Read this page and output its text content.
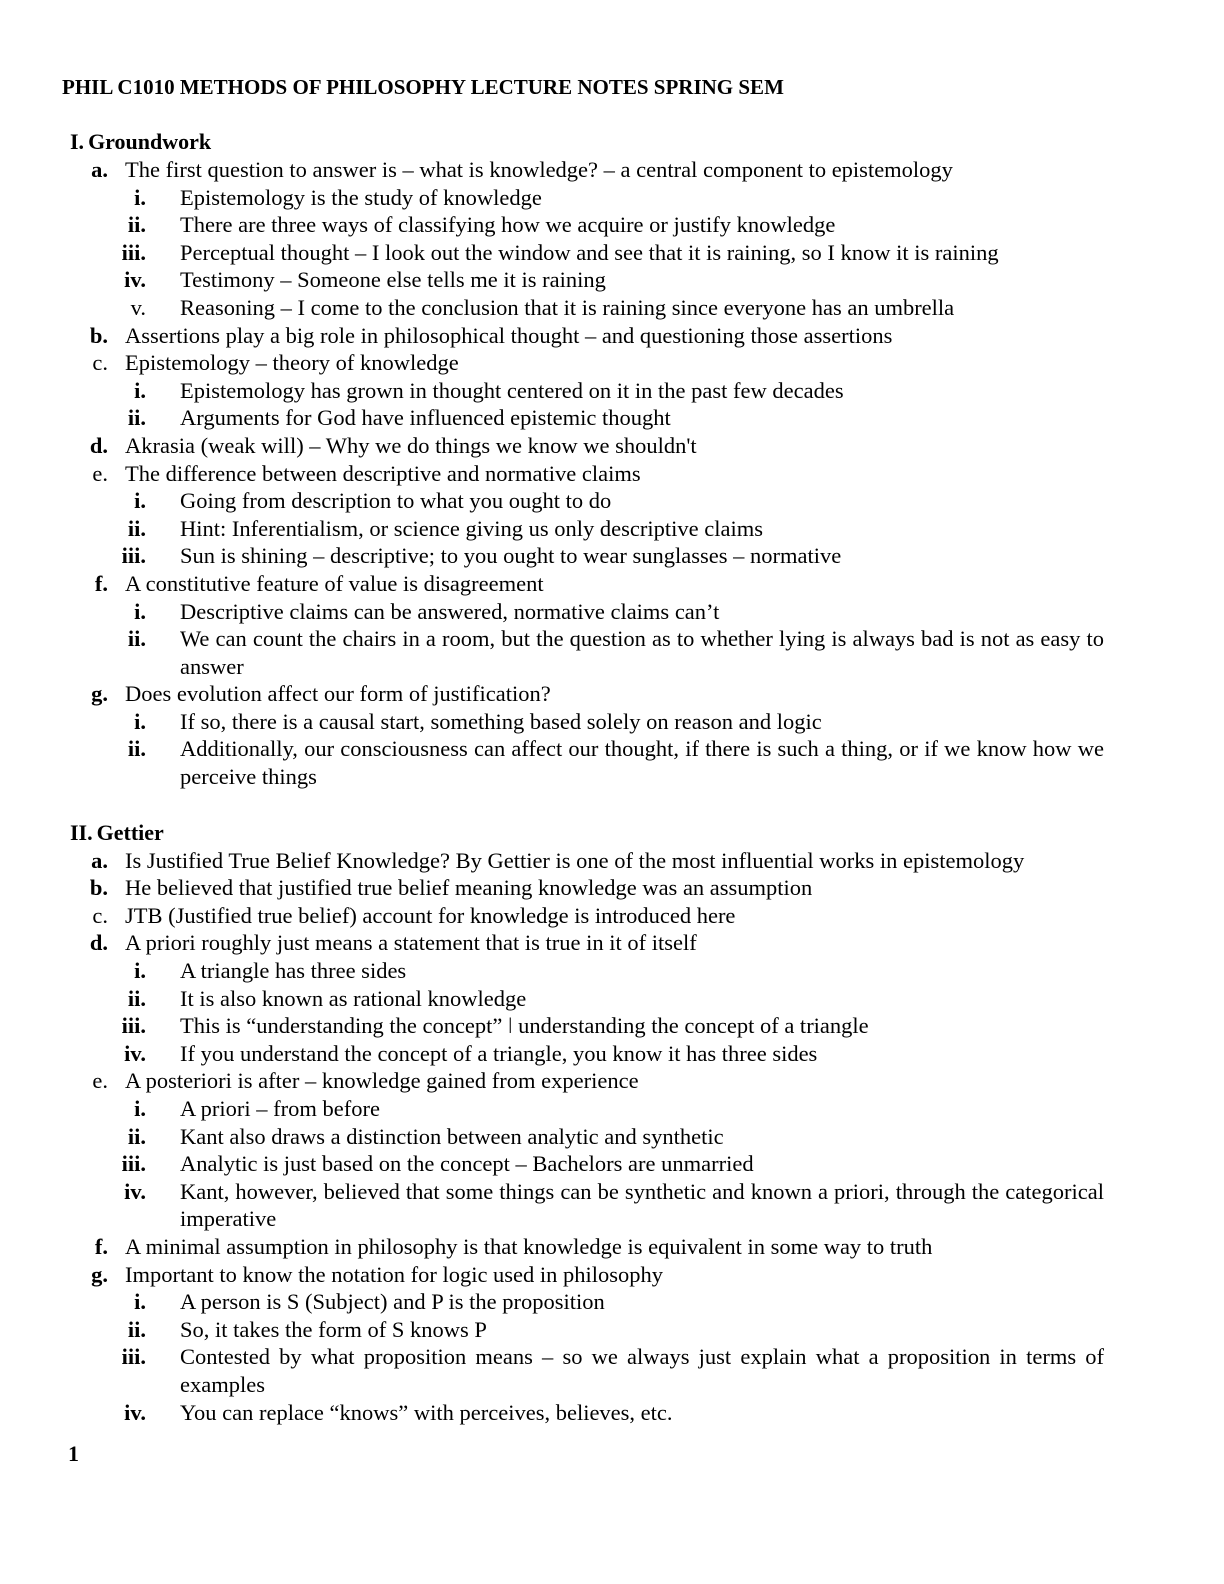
PHIL C1010 METHODS OF PHILOSOPHY LECTURE NOTES SPRING SEM
I. Groundwork
a. The first question to answer is – what is knowledge? – a central component to epistemology
i.	Epistemology is the study of knowledge
ii.	There are three ways of classifying how we acquire or justify knowledge
iii.	Perceptual thought – I look out the window and see that it is raining, so I know it is raining
iv.	Testimony – Someone else tells me it is raining
v.	Reasoning – I come to the conclusion that it is raining since everyone has an umbrella
b. Assertions play a big role in philosophical thought – and questioning those assertions
c. Epistemology – theory of knowledge
i.	Epistemology has grown in thought centered on it in the past few decades
ii.	Arguments for God have influenced epistemic thought
d. Akrasia (weak will) – Why we do things we know we shouldn't
e. The difference between descriptive and normative claims
i.	Going from description to what you ought to do
ii.	Hint: Inferentialism, or science giving us only descriptive claims
iii.	Sun is shining – descriptive; to you ought to wear sunglasses – normative
f. A constitutive feature of value is disagreement
i.	Descriptive claims can be answered, normative claims can’t
ii.	We can count the chairs in a room, but the question as to whether lying is always bad is not as easy to answer
g. Does evolution affect our form of justification?
i.	If so, there is a causal start, something based solely on reason and logic
ii.	Additionally, our consciousness can affect our thought, if there is such a thing, or if we know how we perceive things
II. Gettier
a. Is Justified True Belief Knowledge? By Gettier is one of the most influential works in epistemology
b. He believed that justified true belief meaning knowledge was an assumption
c. JTB (Justified true belief) account for knowledge is introduced here
d. A priori roughly just means a statement that is true in it of itself
i.	A triangle has three sides
ii.	It is also known as rational knowledge
iii.	This is “understanding the concept” ǀ understanding the concept of a triangle
iv.	If you understand the concept of a triangle, you know it has three sides
e. A posteriori is after – knowledge gained from experience
i.	A priori – from before
ii.	Kant also draws a distinction between analytic and synthetic
iii.	Analytic is just based on the concept – Bachelors are unmarried
iv.	Kant, however, believed that some things can be synthetic and known a priori, through the categorical imperative
f. A minimal assumption in philosophy is that knowledge is equivalent in some way to truth
g. Important to know the notation for logic used in philosophy
i.	A person is S (Subject) and P is the proposition
ii.	So, it takes the form of S knows P
iii.	Contested by what proposition means – so we always just explain what a proposition in terms of examples
iv.	You can replace “knows” with perceives, believes, etc.
1
